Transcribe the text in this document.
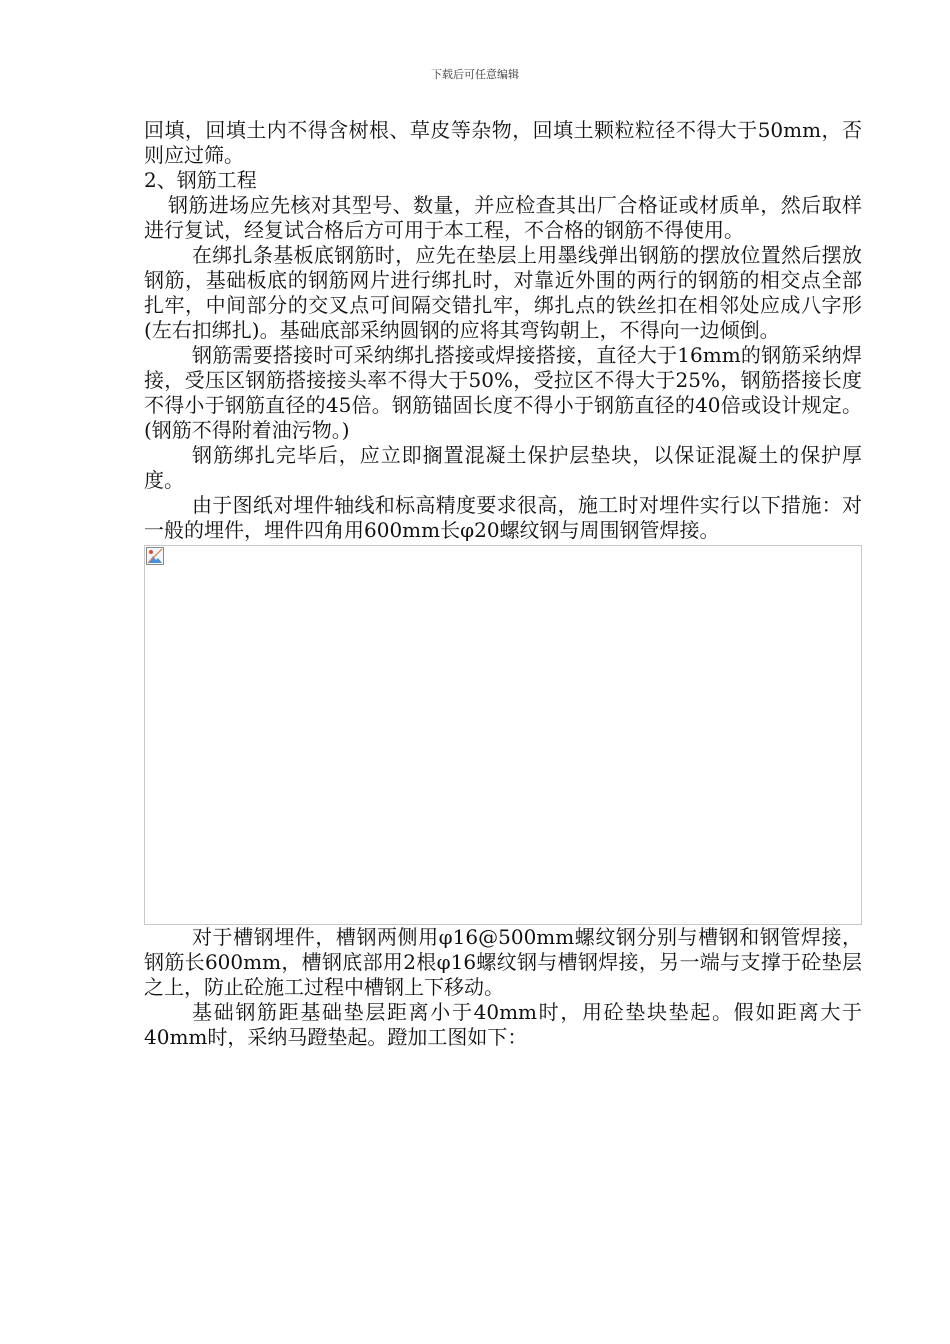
下载后可任意编辑

回填，回填土内不得含树根、草皮等杂物，回填土颗粒粒径不得大于50mm，否则应过筛。

2、钢筋工程

钢筋进场应先核对其型号、数量，并应检查其出厂合格证或材质单，然后取样进行复试，经复试合格后方可用于本工程，不合格的钢筋不得使用。

在绑扎条基板底钢筋时，应先在垫层上用墨线弹出钢筋的摆放位置然后摆放钢筋，基础板底的钢筋网片进行绑扎时，对靠近外围的两行的钢筋的相交点全部扎牢，中间部分的交叉点可间隔交错扎牢，绑扎点的铁丝扣在相邻处应成八字形(左右扣绑扎)。基础底部采纳圆钢的应将其弯钩朝上，不得向一边倾倒。

钢筋需要搭接时可采纳绑扎搭接或焊接搭接，直径大于16mm的钢筋采纳焊接，受压区钢筋搭接接头率不得大于50%，受拉区不得大于25%，钢筋搭接长度不得小于钢筋直径的45倍。钢筋锚固长度不得小于钢筋直径的40倍或设计规定。(钢筋不得附着油污物。)

钢筋绑扎完毕后，应立即搁置混凝土保护层垫块，以保证混凝土的保护厚度。

由于图纸对埋件轴线和标高精度要求很高，施工时对埋件实行以下措施：对一般的埋件，埋件四角用600mm长φ20螺纹钢与周围钢管焊接。

对于槽钢埋件，槽钢两侧用φ16@500mm螺纹钢分别与槽钢和钢管焊接，钢筋长600mm，槽钢底部用2根φ16螺纹钢与槽钢焊接，另一端与支撑于砼垫层之上，防止砼施工过程中槽钢上下移动。

基础钢筋距基础垫层距离小于40mm时，用砼垫块垫起。假如距离大于40mm时，采纳马蹬垫起。蹬加工图如下：
